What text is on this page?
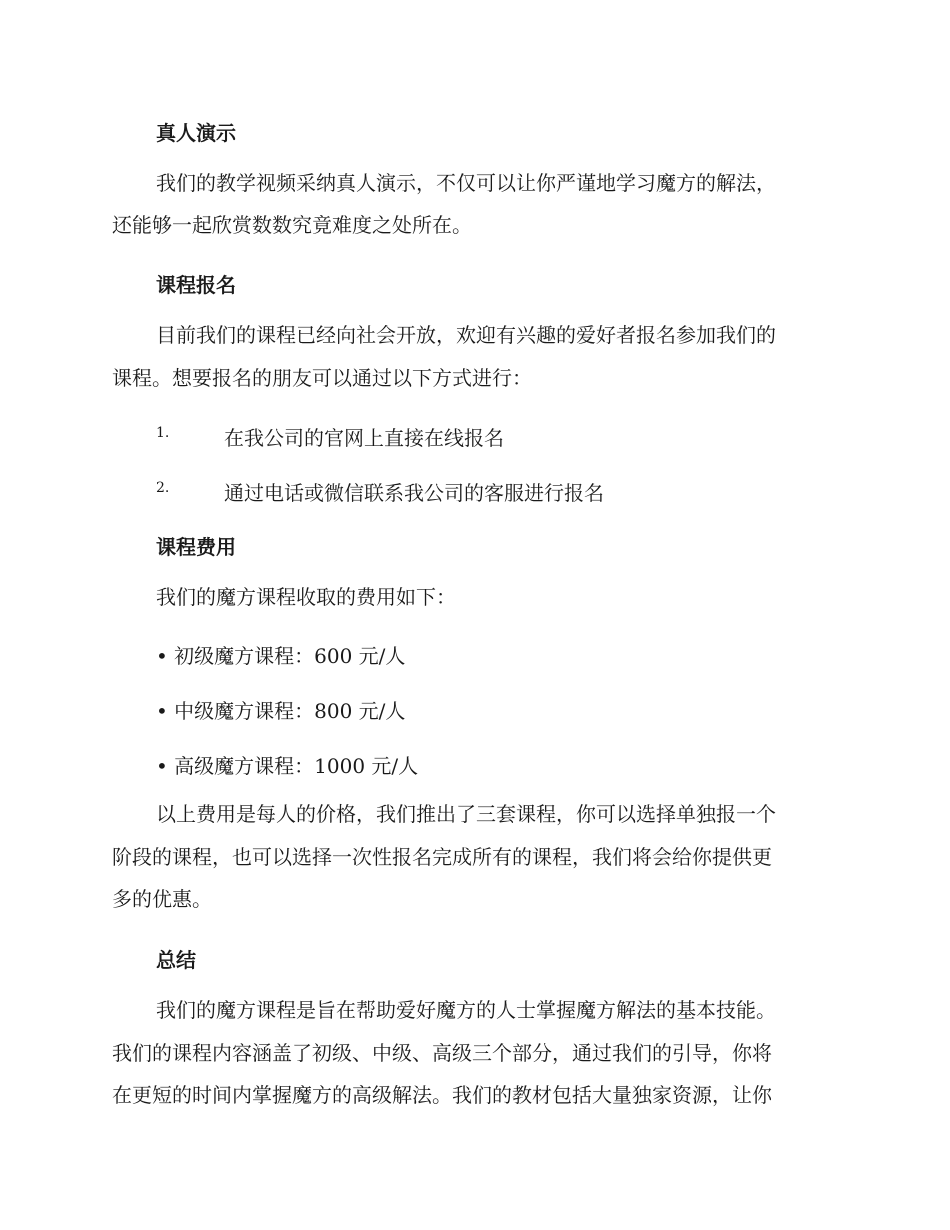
真人演示
我们的教学视频采纳真人演示，不仅可以让你严谨地学习魔方的解法，
还能够一起欣赏数数究竟难度之处所在。
课程报名
目前我们的课程已经向社会开放，欢迎有兴趣的爱好者报名参加我们的
课程。想要报名的朋友可以通过以下方式进行：
1.	在我公司的官网上直接在线报名
2.	通过电话或微信联系我公司的客服进行报名
课程费用
我们的魔方课程收取的费用如下：
• 初级魔方课程：600 元/人
• 中级魔方课程：800 元/人
• 高级魔方课程：1000 元/人
以上费用是每人的价格，我们推出了三套课程，你可以选择单独报一个
阶段的课程，也可以选择一次性报名完成所有的课程，我们将会给你提供更
多的优惠。
总结
我们的魔方课程是旨在帮助爱好魔方的人士掌握魔方解法的基本技能。
我们的课程内容涵盖了初级、中级、高级三个部分，通过我们的引导，你将
在更短的时间内掌握魔方的高级解法。我们的教材包括大量独家资源，让你
